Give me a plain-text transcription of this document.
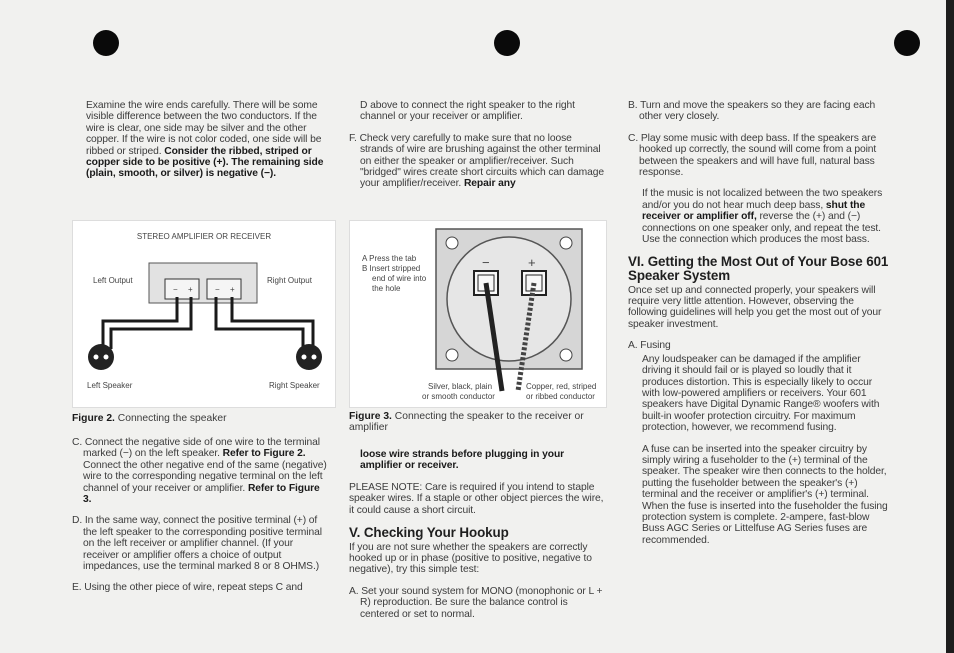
Examine the wire ends carefully. There will be some visible difference between the two conductors. If the wire is clear, one side may be silver and the other copper. If the wire is not color coded, one side will be ribbed or striped. Consider the ribbed, striped or copper side to be positive (+). The remaining side (plain, smooth, or silver) is negative (−).

STEREO AMPLIFIER OR RECEIVER
− +	− +
Left Output	Right Output
Left Speaker	Right Speaker
Figure 2. Connecting the speaker

C. Connect the negative side of one wire to the terminal marked (−) on the left speaker. Refer to Figure 2. Connect the other negative end of the same (negative) wire to the corresponding negative terminal on the left channel of your receiver or amplifier. Refer to Figure 3.

D. In the same way, connect the positive terminal (+) of the left speaker to the corresponding positive terminal on the left receiver or amplifier channel. (If your receiver or amplifier offers a choice of output impedances, use the terminal marked 8 or 8 OHMS.)

E. Using the other piece of wire, repeat steps C and

D above to connect the right speaker to the right channel or your receiver or amplifier.

F. Check very carefully to make sure that no loose strands of wire are brushing against the other terminal on either the speaker or amplifier/receiver. Such "bridged" wires create short circuits which can damage your amplifier/receiver. Repair any

A Press the tab
B Insert stripped
end of wire into
the hole
−	+
Silver, black, plain
or smooth conductor
Copper, red, striped
or ribbed conductor
Figure 3. Connecting the speaker to the receiver or amplifier

loose wire strands before plugging in your amplifier or receiver.

PLEASE NOTE: Care is required if you intend to staple speaker wires. If a staple or other object pierces the wire, it could cause a short circuit.

V. Checking Your Hookup

If you are not sure whether the speakers are correctly hooked up or in phase (positive to positive, negative to negative), try this simple test:

A. Set your sound system for MONO (monophonic or L + R) reproduction. Be sure the balance control is centered or set to normal.

B. Turn and move the speakers so they are facing each other very closely.

C. Play some music with deep bass. If the speakers are hooked up correctly, the sound will come from a point between the speakers and will have full, natural bass response.

If the music is not localized between the two speakers and/or you do not hear much deep bass, shut the receiver or amplifier off, reverse the (+) and (−) connections on one speaker only, and repeat the test. Use the connection which produces the most bass.

VI. Getting the Most Out of Your Bose 601 Speaker System

Once set up and connected properly, your speakers will require very little attention. However, observing the following guidelines will help you get the most out of your speaker investment.

A. Fusing

Any loudspeaker can be damaged if the amplifier driving it should fail or is played so loudly that it produces distortion. This is especially likely to occur with low-powered amplifiers or receivers. Your 601 speakers have Digital Dynamic Range® woofers with built-in woofer protection circuitry. For maximum protection, however, we recommend fusing.

A fuse can be inserted into the speaker circuitry by simply wiring a fuseholder to the (+) terminal of the speaker. The speaker wire then connects to the holder, putting the fuseholder between the speaker's (+) terminal and the receiver or amplifier's (+) terminal. When the fuse is inserted into the fuseholder the fusing protection system is complete. 2-ampere, fast-blow Buss AGC Series or Littelfuse AG Series fuses are recommended.
